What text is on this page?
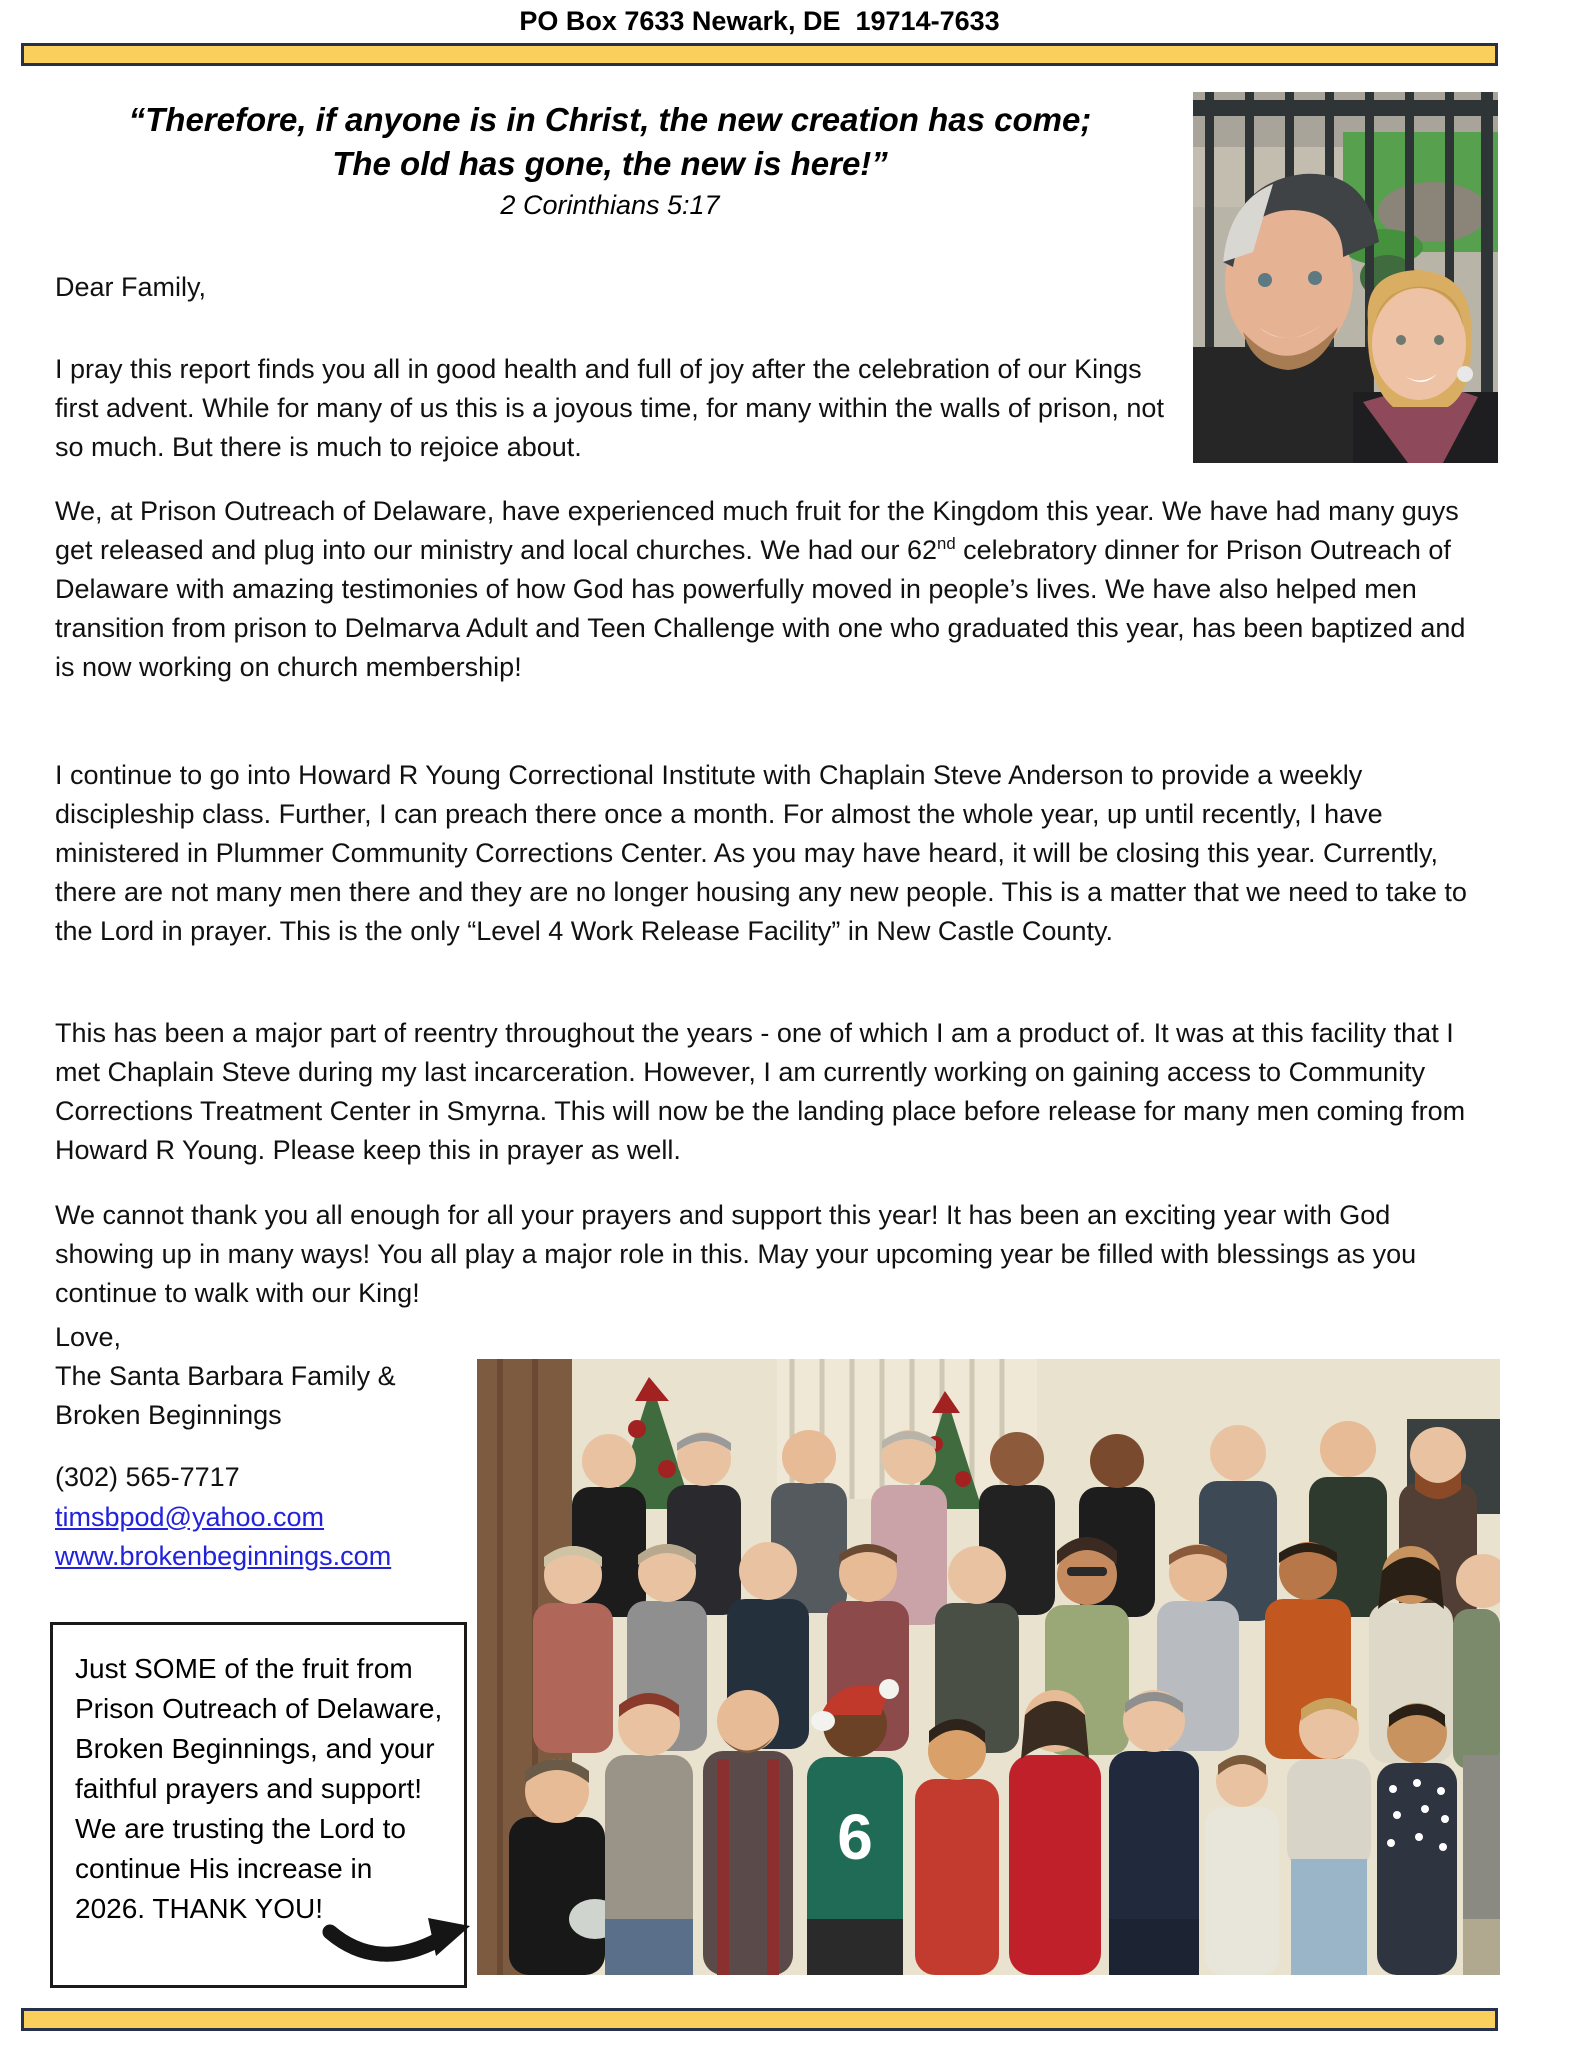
PO Box 7633 Newark, DE  19714-7633
“Therefore, if anyone is in Christ, the new creation has come;
The old has gone, the new is here!”
2 Corinthians 5:17
Dear Family,
I pray this report finds you all in good health and full of joy after the celebration of our Kings first advent. While for many of us this is a joyous time, for many within the walls of prison, not so much. But there is much to rejoice about.
We, at Prison Outreach of Delaware, have experienced much fruit for the Kingdom this year. We have had many guys get released and plug into our ministry and local churches. We had our 62nd celebratory dinner for Prison Outreach of Delaware with amazing testimonies of how God has powerfully moved in people’s lives. We have also helped men transition from prison to Delmarva Adult and Teen Challenge with one who graduated this year, has been baptized and is now working on church membership!
I continue to go into Howard R Young Correctional Institute with Chaplain Steve Anderson to provide a weekly discipleship class. Further, I can preach there once a month. For almost the whole year, up until recently, I have ministered in Plummer Community Corrections Center. As you may have heard, it will be closing this year. Currently, there are not many men there and they are no longer housing any new people. This is a matter that we need to take to the Lord in prayer. This is the only “Level 4 Work Release Facility” in New Castle County.
This has been a major part of reentry throughout the years - one of which I am a product of. It was at this facility that I met Chaplain Steve during my last incarceration. However, I am currently working on gaining access to Community Corrections Treatment Center in Smyrna. This will now be the landing place before release for many men coming from Howard R Young. Please keep this in prayer as well.
We cannot thank you all enough for all your prayers and support this year! It has been an exciting year with God showing up in many ways! You all play a major role in this. May your upcoming year be filled with blessings as you continue to walk with our King!
Love,
The Santa Barbara Family &
Broken Beginnings
(302) 565-7717
timsbpod@yahoo.com
www.brokenbeginnings.com
Just SOME of the fruit from Prison Outreach of Delaware, Broken Beginnings, and your faithful prayers and support!
We are trusting the Lord to continue His increase in 2026. THANK YOU!
6
